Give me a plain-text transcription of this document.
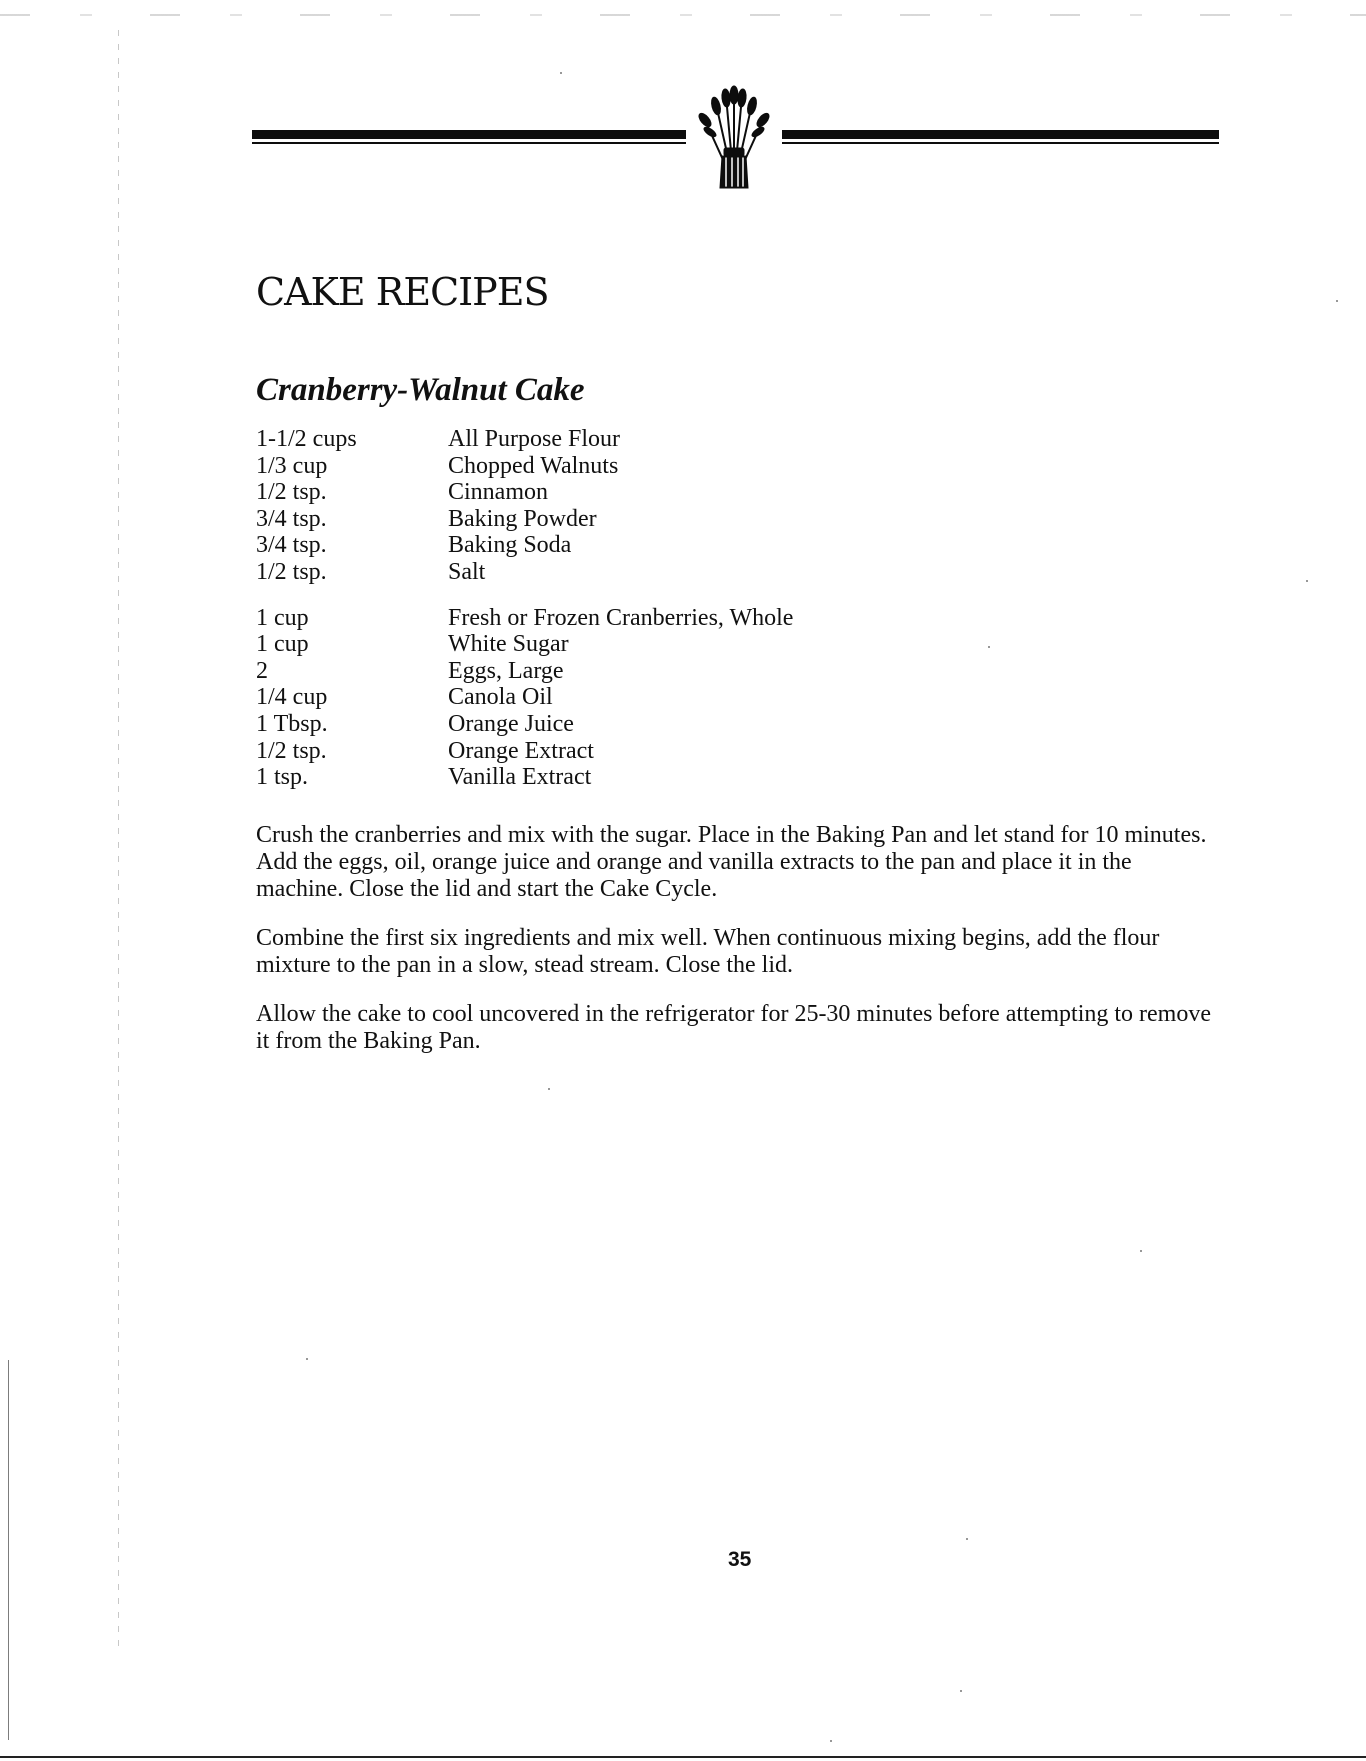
CAKE RECIPES
Cranberry-Walnut Cake
1-1/2 cups	All Purpose Flour
1/3 cup	Chopped Walnuts
1/2 tsp.	Cinnamon
3/4 tsp.	Baking Powder
3/4 tsp.	Baking Soda
1/2 tsp.	Salt
1 cup	Fresh or Frozen Cranberries, Whole
1 cup	White Sugar
2	Eggs, Large
1/4 cup	Canola Oil
1 Tbsp.	Orange Juice
1/2 tsp.	Orange Extract
1 tsp.	Vanilla Extract

Crush the cranberries and mix with the sugar. Place in the Baking Pan and let stand for 10 minutes. Add the eggs, oil, orange juice and orange and vanilla extracts to the pan and place it in the machine. Close the lid and start the Cake Cycle.

Combine the first six ingredients and mix well. When continuous mixing begins, add the flour mixture to the pan in a slow, stead stream. Close the lid.

Allow the cake to cool uncovered in the refrigerator for 25-30 minutes before attempting to remove it from the Baking Pan.

35
